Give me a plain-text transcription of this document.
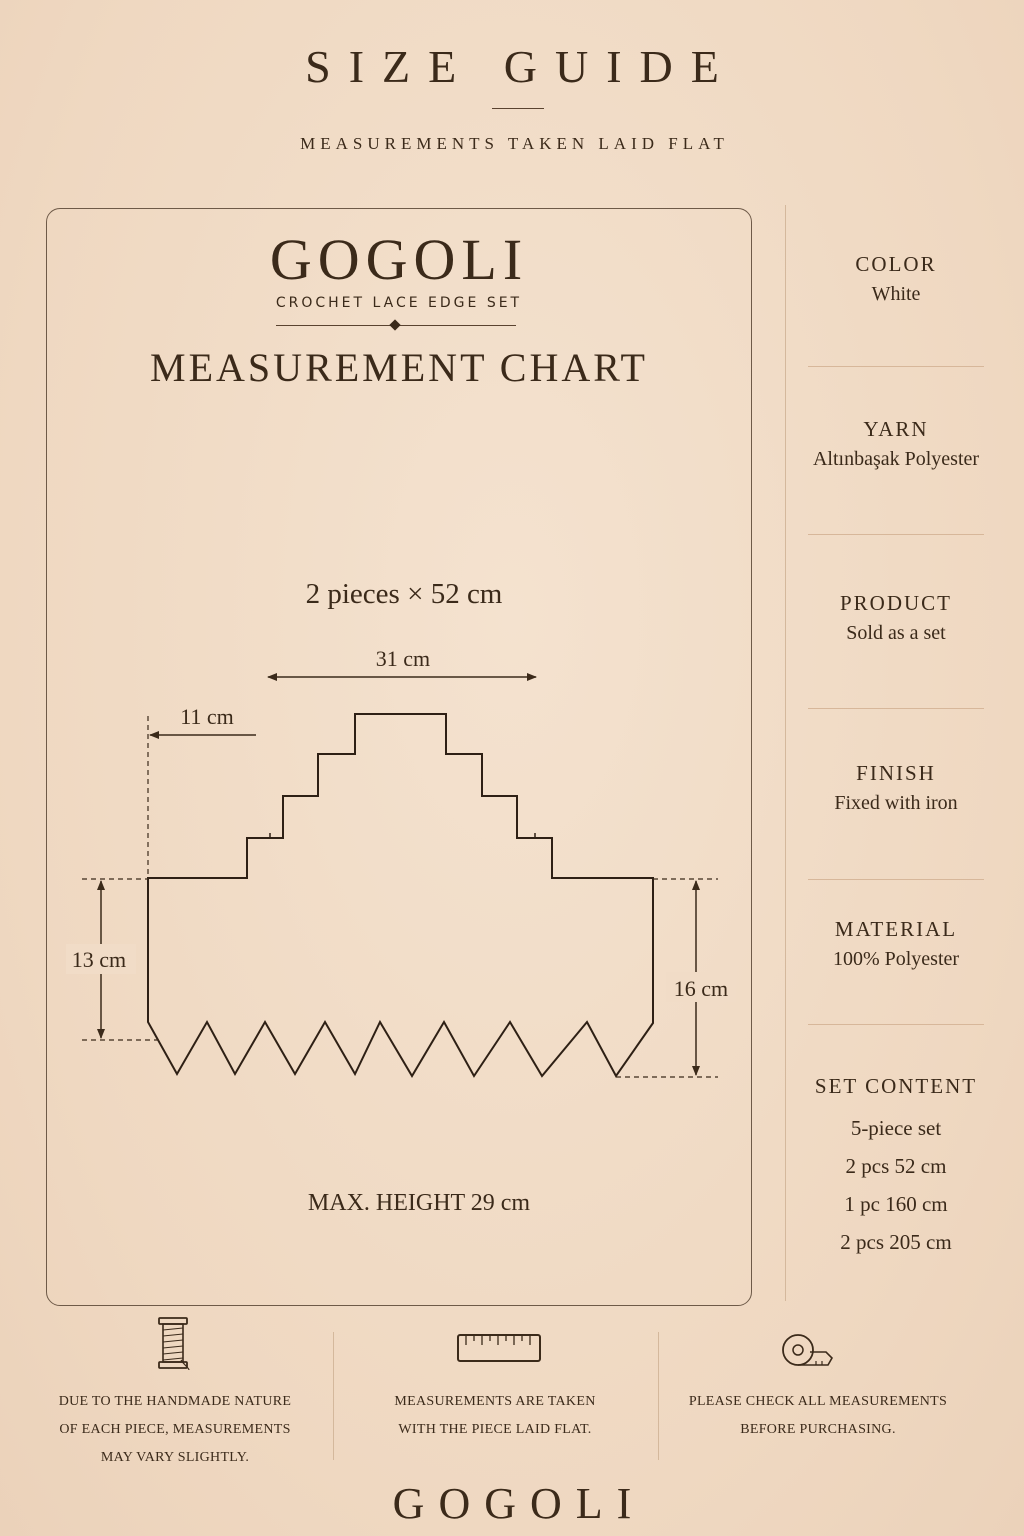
SIZE GUIDE
MEASUREMENTS TAKEN LAID FLAT
GOGOLI
CROCHET LACE EDGE SET
MEASUREMENT CHART
2 pieces × 52 cm
31 cm
11 cm
13 cm
16 cm
MAX. HEIGHT 29 cm
COLOR
White
YARN
Altınbaşak Polyester
PRODUCT
Sold as a set
FINISH
Fixed with iron
MATERIAL
100% Polyester
SET CONTENT
5-piece set
2 pcs 52 cm
1 pc 160 cm
2 pcs 205 cm
DUE TO THE HANDMADE NATURE
OF EACH PIECE, MEASUREMENTS
MAY VARY SLIGHTLY.
MEASUREMENTS ARE TAKEN
WITH THE PIECE LAID FLAT.
PLEASE CHECK ALL MEASUREMENTS
BEFORE PURCHASING.
GOGOLI
